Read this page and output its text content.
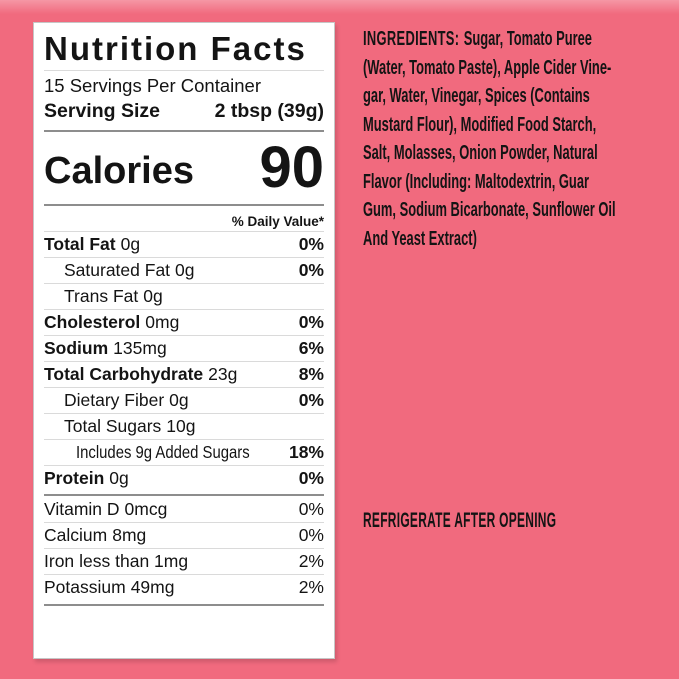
Nutrition Facts
15 Servings Per Container
Serving Size	2 tbsp (39g)
Calories 90
% Daily Value*
Total Fat 0g	0%
Saturated Fat 0g	0%
Trans Fat 0g
Cholesterol 0mg	0%
Sodium 135mg	6%
Total Carbohydrate 23g	8%
Dietary Fiber 0g	0%
Total Sugars 10g
Includes 9g Added Sugars 18%
Protein 0g	0%
Vitamin D 0mcg	0%
Calcium 8mg	0%
Iron less than 1mg	2%
Potassium 49mg	2%
INGREDIENTS: Sugar, Tomato Puree
(Water, Tomato Paste), Apple Cider Vine-
gar, Water, Vinegar, Spices (Contains
Mustard Flour), Modified Food Starch,
Salt, Molasses, Onion Powder, Natural
Flavor (Including: Maltodextrin, Guar
Gum, Sodium Bicarbonate, Sunflower Oil
And Yeast Extract)
REFRIGERATE AFTER OPENING
